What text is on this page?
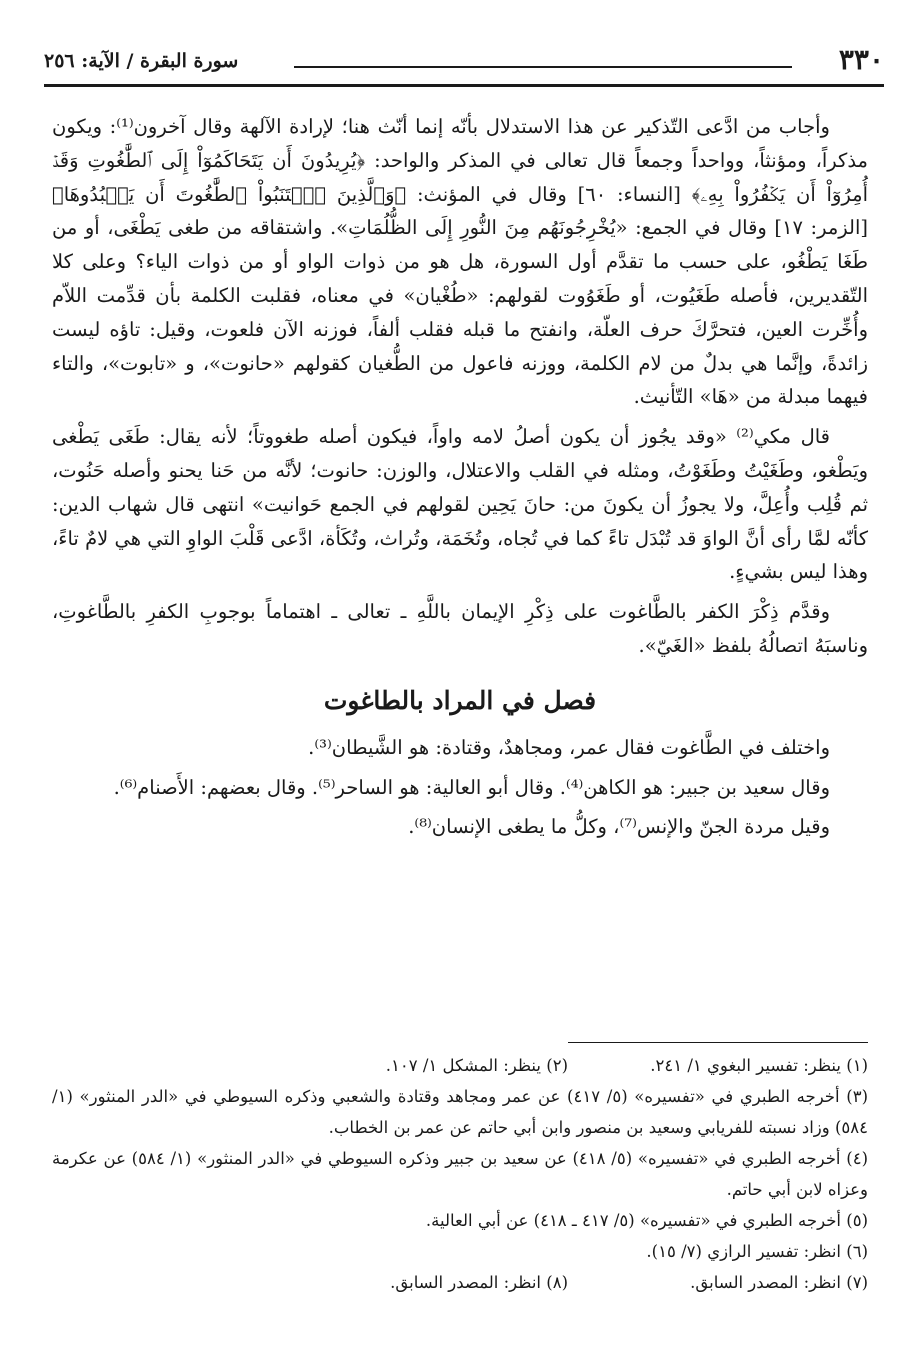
٣٣٠
سورة البقرة / الآية: ٢٥٦

وأجاب من ادَّعى التّذكير عن هذا الاستدلال بأنّه إنما أنّث هنا؛ لإرادة الآلهة وقال آخرون⁽¹⁾: ويكون مذكراً، ومؤنثاً، وواحداً وجمعاً قال تعالى في المذكر والواحد: ﴿يُرِيدُونَ أَن يَتَحَاكَمُوٓاْ إِلَى ٱلطَّٰغُوتِ وَقَدۡ أُمِرُوٓاْ أَن يَكۡفُرُواْ بِهِۦ﴾ [النساء: ٦٠] وقال في المؤنث: ﴿وَٱلَّذِينَ ٱجۡتَنَبُواْ ٱلطَّٰغُوتَ أَن يَعۡبُدُوهَا﴾ [الزمر: ١٧] وقال في الجمع: «يُخْرِجُونَهُم مِنَ النُّورِ إِلَى الظُّلُمَاتِ». واشتقاقه من طغى يَطْغَى، أو من طَغَا يَطْغُو، على حسب ما تقدَّم أول السورة، هل هو من ذوات الواو أو من ذوات الياء؟ وعلى كلا التّقديرين، فأصله طَغَيُوت، أو طَغَوُوت لقولهم: «طُغْيان» في معناه، فقلبت الكلمة بأن قدِّمت اللاّم وأُخِّرت العين، فتحرَّكَ حرف العلّة، وانفتح ما قبله فقلب ألفاً، فوزنه الآن فلعوت، وقيل: تاؤه ليست زائدةً، وإنَّما هي بدلٌ من لام الكلمة، ووزنه فاعول من الطُّغيان كقولهم «حانوت»، و «تابوت»، والتاء فيهما مبدلة من «هَا» التّأنيث.

قال مكي⁽²⁾ «وقد يجُوز أن يكون أصلُ لامه واواً، فيكون أصله طغووتاً؛ لأنه يقال: طَغَى يَطْغى ويَطْغو، وطَغَيْتُ وطَغَوْتُ، ومثله في القلب والاعتلال، والوزن: حانوت؛ لأنَّه من حَنا يحنو وأصله حَنُوت، ثم قُلِب وأُعِلَّ، ولا يجوزُ أن يكونَ من: حانَ يَحِين لقولهم في الجمع حَوانيت» انتهى قال شهاب الدين: كأنّه لمَّا رأى أنَّ الواوَ قد تُبْدَل تاءً كما في تُجاه، وتُخَمَة، وتُراث، وتُكَأة، ادَّعى قَلْبَ الواوِ التي هي لامٌ تاءً، وهذا ليس بشيءٍ.

وقدَّم ذِكْرَ الكفر بالطَّاغوت على ذِكْرِ الإيمان باللَّهِ ـ تعالى ـ اهتماماً بوجوبِ الكفرِ بالطَّاغوتِ، وناسبَهُ اتصالُهُ بلفظ «الغَيّ».

فصل في المراد بالطاغوت

واختلف في الطَّاغوت فقال عمر، ومجاهدٌ، وقتادة: هو الشَّيطان⁽³⁾.

وقال سعيد بن جبير: هو الكاهن⁽⁴⁾. وقال أبو العالية: هو الساحر⁽⁵⁾. وقال بعضهم: الأَصنام⁽⁶⁾.

وقيل مردة الجنّ والإنس⁽⁷⁾، وكلُّ ما يطغى الإنسان⁽⁸⁾.

(١) ينظر: تفسير البغوي ١/ ٢٤١.

(٢) ينظر: المشكل ١/ ١٠٧.

(٣) أخرجه الطبري في «تفسيره» (٥/ ٤١٧) عن عمر ومجاهد وقتادة والشعبي وذكره السيوطي في «الدر المنثور» (١/ ٥٨٤) وزاد نسبته للفريابي وسعيد بن منصور وابن أبي حاتم عن عمر بن الخطاب.

(٤) أخرجه الطبري في «تفسيره» (٥/ ٤١٨) عن سعيد بن جبير وذكره السيوطي في «الدر المنثور» (١/ ٥٨٤) عن عكرمة وعزاه لابن أبي حاتم.

(٥) أخرجه الطبري في «تفسيره» (٥/ ٤١٧ ـ ٤١٨) عن أبي العالية.

(٦) انظر: تفسير الرازي (٧/ ١٥).

(٧) انظر: المصدر السابق.

(٨) انظر: المصدر السابق.
